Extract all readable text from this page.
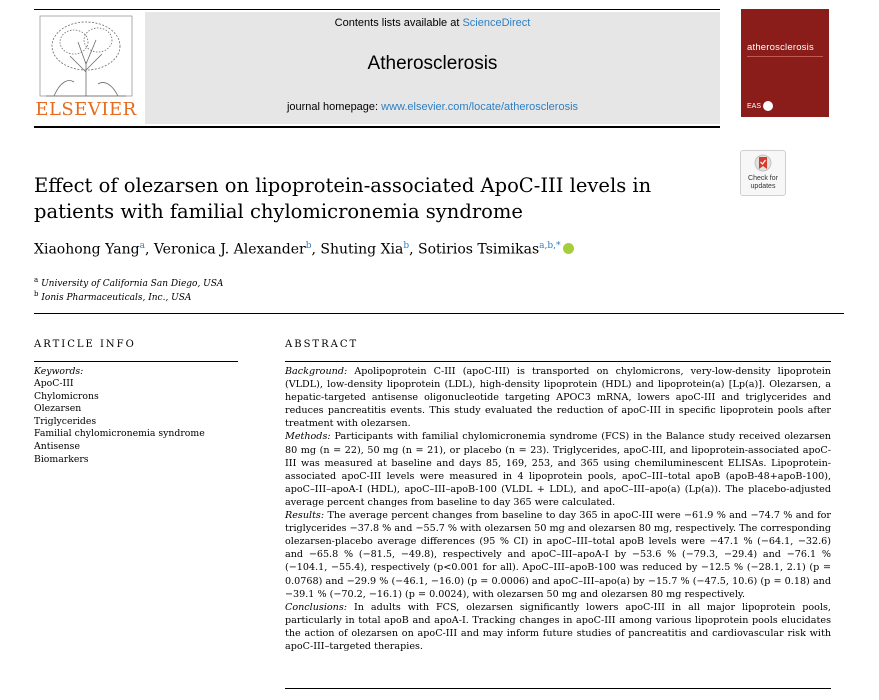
ELSEVIER
Contents lists available at ScienceDirect
Atherosclerosis
journal homepage: www.elsevier.com/locate/atherosclerosis
atherosclerosis
EAS
Check for
updates
Effect of olezarsen on lipoprotein-associated ApoC-III levels in patients with familial chylomicronemia syndrome
Xiaohong Yang$^a$, Veronica J. Alexander$^b$, Shuting Xia$^b$, Sotirios Tsimikas$^{a,b,*}$
$^a$ University of California San Diego, USA
$^b$ Ionis Pharmaceuticals, Inc., USA
ARTICLE INFO
Keywords:
ApoC-III
Chylomicrons
Olezarsen
Triglycerides
Familial chylomicronemia syndrome
Antisense
Biomarkers
ABSTRACT

Background: Apolipoprotein C-III (apoC-III) is transported on chylomicrons, very-low-density lipoprotein (VLDL), low-density lipoprotein (LDL), high-density lipoprotein (HDL) and lipoprotein(a) [Lp(a)]. Olezarsen, a hepatic-targeted antisense oligonucleotide targeting APOC3 mRNA, lowers apoC-III and triglycerides and reduces pancreatitis events. This study evaluated the reduction of apoC-III in specific lipoprotein pools after treatment with olezarsen.

Methods: Participants with familial chylomicronemia syndrome (FCS) in the Balance study received olezarsen 80 mg (n = 22), 50 mg (n = 21), or placebo (n = 23). Triglycerides, apoC-III, and lipoprotein-associated apoC-III was measured at baseline and days 85, 169, 253, and 365 using chemiluminescent ELISAs. Lipoprotein-associated apoC-III levels were measured in 4 lipoprotein pools, apoC–III–total apoB (apoB-48+apoB-100), apoC–III–apoA-I (HDL), apoC–III–apoB-100 (VLDL + LDL), and apoC–III–apo(a) (Lp(a)). The placebo-adjusted average percent changes from baseline to day 365 were calculated.

Results: The average percent changes from baseline to day 365 in apoC-III were −61.9 % and −74.7 % and for triglycerides −37.8 % and −55.7 % with olezarsen 50 mg and olezarsen 80 mg, respectively. The corresponding olezarsen-placebo average differences (95 % CI) in apoC–III–total apoB levels were −47.1 % (−64.1, −32.6) and −65.8 % (−81.5, −49.8), respectively and apoC–III–apoA-I by −53.6 % (−79.3, −29.4) and −76.1 % (−104.1, −55.4), respectively (p<0.001 for all). ApoC–III–apoB-100 was reduced by −12.5 % (−28.1, 2.1) (p = 0.0768) and −29.9 % (−46.1, −16.0) (p = 0.0006) and apoC–III–apo(a) by −15.7 % (−47.5, 10.6) (p = 0.18) and −39.1 % (−70.2, −16.1) (p = 0.0024), with olezarsen 50 mg and olezarsen 80 mg respectively.

Conclusions: In adults with FCS, olezarsen significantly lowers apoC-III in all major lipoprotein pools, particularly in total apoB and apoA-I. Tracking changes in apoC-III among various lipoprotein pools elucidates the action of olezarsen on apoC-III and may inform future studies of pancreatitis and cardiovascular risk with apoC-III–targeted therapies.
